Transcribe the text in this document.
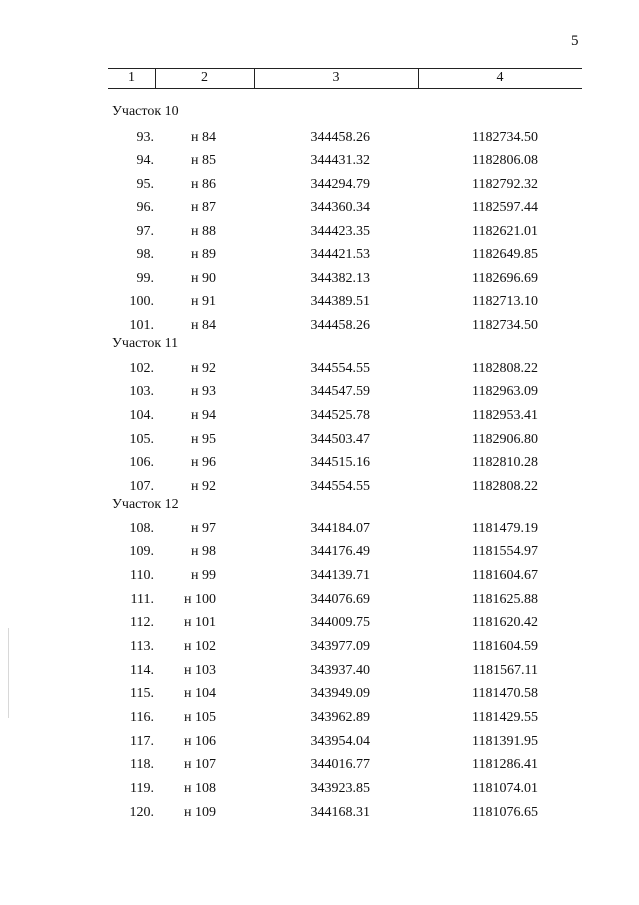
5
1	2	3	4
Участок 10
93.	н 84	344458.26	1182734.50
94.	н 85	344431.32	1182806.08
95.	н 86	344294.79	1182792.32
96.	н 87	344360.34	1182597.44
97.	н 88	344423.35	1182621.01
98.	н 89	344421.53	1182649.85
99.	н 90	344382.13	1182696.69
100.	н 91	344389.51	1182713.10
101.	н 84	344458.26	1182734.50
Участок 11
102.	н 92	344554.55	1182808.22
103.	н 93	344547.59	1182963.09
104.	н 94	344525.78	1182953.41
105.	н 95	344503.47	1182906.80
106.	н 96	344515.16	1182810.28
107.	н 92	344554.55	1182808.22
Участок 12
108.	н 97	344184.07	1181479.19
109.	н 98	344176.49	1181554.97
110.	н 99	344139.71	1181604.67
111.	н 100	344076.69	1181625.88
112.	н 101	344009.75	1181620.42
113.	н 102	343977.09	1181604.59
114.	н 103	343937.40	1181567.11
115.	н 104	343949.09	1181470.58
116.	н 105	343962.89	1181429.55
117.	н 106	343954.04	1181391.95
118.	н 107	344016.77	1181286.41
119.	н 108	343923.85	1181074.01
120.	н 109	344168.31	1181076.65
